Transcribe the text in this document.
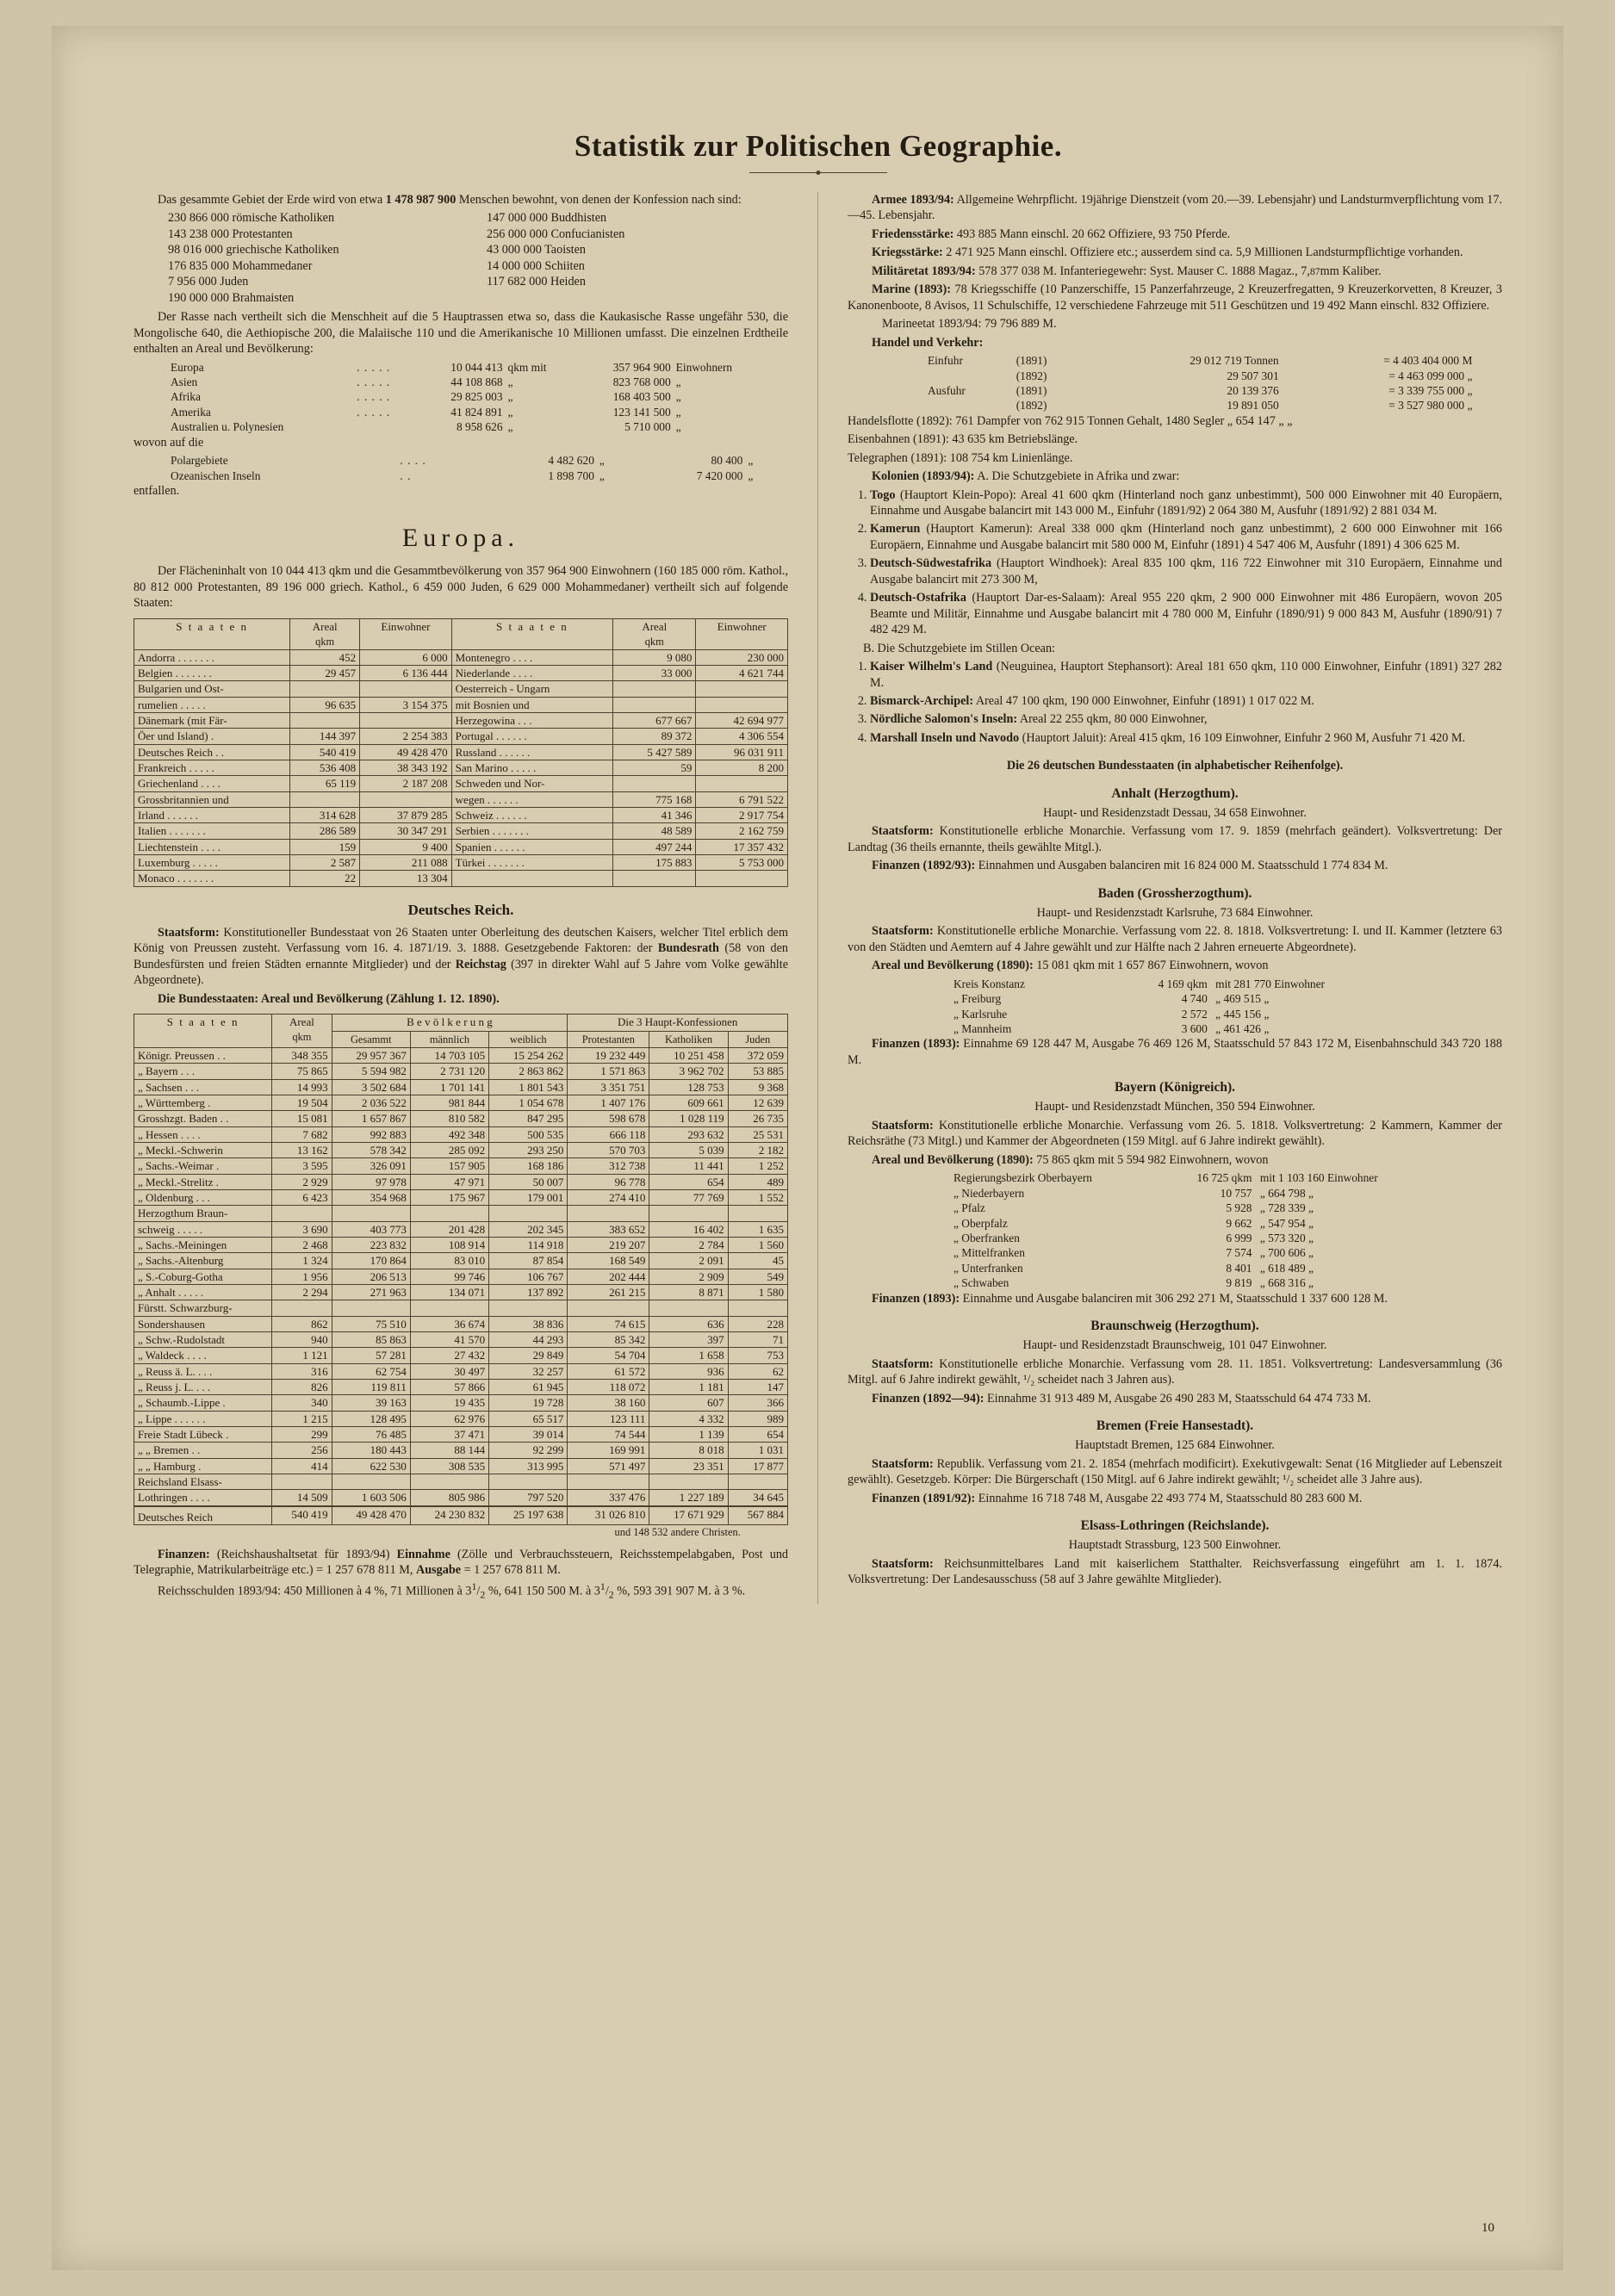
Statistik zur Politischen Geographie.

Das gesammte Gebiet der Erde wird von etwa 1 478 987 900 Menschen bewohnt, von denen der Konfession nach sind:

230 866 000 römische Katholiken
143 238 000 Protestanten
98 016 000 griechische Katholiken
176 835 000 Mohammedaner
7 956 000 Juden
190 000 000 Brahmaisten
147 000 000 Buddhisten
256 000 000 Confucianisten
43 000 000 Taoisten
14 000 000 Schiiten
117 682 000 Heiden

Der Rasse nach vertheilt sich die Menschheit auf die 5 Hauptrassen etwa so, dass die Kaukasische Rasse ungefähr 530, die Mongolische 640, die Aethiopische 200, die Malaiische 110 und die Amerikanische 10 Millionen umfasst. Die einzelnen Erdtheile enthalten an Areal und Bevölkerung:

Europa	. . . . .	10 044 413	qkm mit	357 964 900	Einwohnern
Asien	. . . . .	44 108 868	„	823 768 000	„
Afrika	. . . . .	29 825 003	„	168 403 500	„
Amerika	. . . . .	41 824 891	„	123 141 500	„
Australien u. Polynesien		8 958 626	„	5 710 000	„

wovon auf die

Polargebiete	. . . .	4 482 620	„	80 400	„
Ozeanischen Inseln	. .	1 898 700	„	7 420 000	„

entfallen.

Europa.

Der Flächeninhalt von 10 044 413 qkm und die Gesammtbevölkerung von 357 964 900 Einwohnern (160 185 000 röm. Kathol., 80 812 000 Protestanten, 89 196 000 griech. Kathol., 6 459 000 Juden, 6 629 000 Mohammedaner) vertheilt sich auf folgende Staaten:

S t a a t e n	Areal
qkm
	Einwohner	S t a a t e n	Areal
qkm
	Einwohner
Andorra . . . . . . .	452	6 000	Montenegro . . . .	9 080	230 000
Belgien . . . . . . .	29 457	6 136 444	Niederlande . . . .	33 000	4 621 744
Bulgarien und Ost-			Oesterreich - Ungarn		
rumelien . . . . .	96 635	3 154 375	mit Bosnien und		
Dänemark (mit Fär-			Herzegowina . . .	677 667	42 694 977
Öer und Island) .	144 397	2 254 383	Portugal . . . . . .	89 372	4 306 554
Deutsches Reich . .	540 419	49 428 470	Russland . . . . . .	5 427 589	96 031 911
Frankreich . . . . .	536 408	38 343 192	San Marino . . . . .	59	8 200
Griechenland . . . .	65 119	2 187 208	Schweden und Nor-		
Grossbritannien und			wegen . . . . . .	775 168	6 791 522
Irland . . . . . .	314 628	37 879 285	Schweiz . . . . . .	41 346	2 917 754
Italien . . . . . . .	286 589	30 347 291	Serbien . . . . . . .	48 589	2 162 759
Liechtenstein . . . .	159	9 400	Spanien . . . . . .	497 244	17 357 432
Luxemburg . . . . .	2 587	211 088	Türkei . . . . . . .	175 883	5 753 000
Monaco . . . . . . .	22	13 304			
Deutsches Reich.

Staatsform: Konstitutioneller Bundesstaat von 26 Staaten unter Oberleitung des deutschen Kaisers, welcher Titel erblich dem König von Preussen zusteht. Verfassung vom 16. 4. 1871/19. 3. 1888. Gesetzgebende Faktoren: der Bundesrath (58 von den Bundesfürsten und freien Städten ernannte Mitglieder) und der Reichstag (397 in direkter Wahl auf 5 Jahre vom Volke gewählte Abgeordnete).

Die Bundesstaaten: Areal und Bevölkerung (Zählung 1. 12. 1890).

S t a a t e n	Areal
qkm	B e v ö l k e r u n g			Die 3 Haupt-Konfessionen		
		Gesammt	männlich	weiblich	Protestanten	Katholiken	Juden
Königr. Preussen . .	348 355	29 957 367	14 703 105	15 254 262	19 232 449	10 251 458	372 059
„ Bayern . . .	75 865	5 594 982	2 731 120	2 863 862	1 571 863	3 962 702	53 885
„ Sachsen . . .	14 993	3 502 684	1 701 141	1 801 543	3 351 751	128 753	9 368
„ Württemberg .	19 504	2 036 522	981 844	1 054 678	1 407 176	609 661	12 639
Grosshzgt. Baden . .	15 081	1 657 867	810 582	847 295	598 678	1 028 119	26 735
„ Hessen . . . .	7 682	992 883	492 348	500 535	666 118	293 632	25 531
„ Meckl.-Schwerin	13 162	578 342	285 092	293 250	570 703	5 039	2 182
„ Sachs.-Weimar .	3 595	326 091	157 905	168 186	312 738	11 441	1 252
„ Meckl.-Strelitz .	2 929	97 978	47 971	50 007	96 778	654	489
„ Oldenburg . . .	6 423	354 968	175 967	179 001	274 410	77 769	1 552
Herzogthum Braun-							
schweig . . . . .	3 690	403 773	201 428	202 345	383 652	16 402	1 635
„ Sachs.-Meiningen	2 468	223 832	108 914	114 918	219 207	2 784	1 560
„ Sachs.-Altenburg	1 324	170 864	83 010	87 854	168 549	2 091	45
„ S.-Coburg-Gotha	1 956	206 513	99 746	106 767	202 444	2 909	549
„ Anhalt . . . . .	2 294	271 963	134 071	137 892	261 215	8 871	1 580
Fürstt. Schwarzburg-							
Sondershausen	862	75 510	36 674	38 836	74 615	636	228
„ Schw.-Rudolstadt	940	85 863	41 570	44 293	85 342	397	71
„ Waldeck . . . .	1 121	57 281	27 432	29 849	54 704	1 658	753
„ Reuss ä. L. . . .	316	62 754	30 497	32 257	61 572	936	62
„ Reuss j. L. . . .	826	119 811	57 866	61 945	118 072	1 181	147
„ Schaumb.-Lippe .	340	39 163	19 435	19 728	38 160	607	366
„ Lippe . . . . . .	1 215	128 495	62 976	65 517	123 111	4 332	989
Freie Stadt Lübeck .	299	76 485	37 471	39 014	74 544	1 139	654
„ „ Bremen . .	256	180 443	88 144	92 299	169 991	8 018	1 031
„ „ Hamburg .	414	622 530	308 535	313 995	571 497	23 351	17 877
Reichsland Elsass-							
Lothringen . . . .	14 509	1 603 506	805 986	797 520	337 476	1 227 189	34 645
Deutsches Reich	540 419	49 428 470	24 230 832	25 197 638	31 026 810	17 671 929	567 884
					und 148 532 andere Christen.		

Finanzen: (Reichshaushaltsetat für 1893/94) Einnahme (Zölle und Verbrauchssteuern, Reichsstempelabgaben, Post und Telegraphie, Matrikularbeiträge etc.) = 1 257 678 811 M, Ausgabe = 1 257 678 811 M.

Reichsschulden 1893/94: 450 Millionen à 4 %, 71 Millionen à $3^1/_2$ %, 641 150 500 M. à $3^1/_2$ %, 593 391 907 M. à 3 %.

Armee 1893/94: Allgemeine Wehrpflicht. 19jährige Dienstzeit (vom 20.—39. Lebensjahr) und Landsturmverpflichtung vom 17.—45. Lebensjahr.

Friedensstärke: 493 885 Mann einschl. 20 662 Offiziere, 93 750 Pferde.

Kriegsstärke: 2 471 925 Mann einschl. Offiziere etc.; ausserdem sind ca. 5,9 Millionen Landsturmpflichtige vorhanden.

Militäretat 1893/94: 578 377 038 M. Infanteriegewehr: Syst. Mauser C. 1888 Magaz., 7,87mm Kaliber.

Marine (1893): 78 Kriegsschiffe (10 Panzerschiffe, 15 Panzerfahrzeuge, 2 Kreuzerfregatten, 9 Kreuzerkorvetten, 8 Kreuzer, 3 Kanonenboote, 8 Avisos, 11 Schulschiffe, 12 verschiedene Fahrzeuge mit 511 Geschützen und 19 492 Mann einschl. 832 Offiziere.

Marineetat 1893/94: 79 796 889 M.

Handel und Verkehr:

Einfuhr	(1891)	29 012 719 Tonnen	= 4 403 404 000 M
	(1892)	29 507 301	= 4 463 099 000 „
Ausfuhr	(1891)	20 139 376	= 3 339 755 000 „
	(1892)	19 891 050	= 3 527 980 000 „

Handelsflotte (1892): 761 Dampfer von 762 915 Tonnen Gehalt, 1480 Segler „ 654 147 „ „

Eisenbahnen (1891): 43 635 km Betriebslänge.

Telegraphen (1891): 108 754 km Linienlänge.

Kolonien (1893/94): A. Die Schutzgebiete in Afrika und zwar:

1. Togo (Hauptort Klein-Popo): Areal 41 600 qkm (Hinterland noch ganz unbestimmt), 500 000 Einwohner mit 40 Europäern, Einnahme und Ausgabe balancirt mit 143 000 M., Einfuhr (1891/92) 2 064 380 M, Ausfuhr (1891/92) 2 881 034 M.
2. Kamerun (Hauptort Kamerun): Areal 338 000 qkm (Hinterland noch ganz unbestimmt), 2 600 000 Einwohner mit 166 Europäern, Einnahme und Ausgabe balancirt mit 580 000 M, Einfuhr (1891) 4 547 406 M, Ausfuhr (1891) 4 306 625 M.
3. Deutsch-Südwestafrika (Hauptort Windhoek): Areal 835 100 qkm, 116 722 Einwohner mit 310 Europäern, Einnahme und Ausgabe balancirt mit 273 300 M,
4. Deutsch-Ostafrika (Hauptort Dar-es-Salaam): Areal 955 220 qkm, 2 900 000 Einwohner mit 486 Europäern, wovon 205 Beamte und Militär, Einnahme und Ausgabe balancirt mit 4 780 000 M, Einfuhr (1890/91) 9 000 843 M, Ausfuhr (1890/91) 7 482 429 M.

B. Die Schutzgebiete im Stillen Ocean:

1. Kaiser Wilhelm's Land (Neuguinea, Hauptort Stephansort): Areal 181 650 qkm, 110 000 Einwohner, Einfuhr (1891) 327 282 M.
2. Bismarck-Archipel: Areal 47 100 qkm, 190 000 Einwohner, Einfuhr (1891) 1 017 022 M.
3. Nördliche Salomon's Inseln: Areal 22 255 qkm, 80 000 Einwohner,
4. Marshall Inseln und Navodo (Hauptort Jaluit): Areal 415 qkm, 16 109 Einwohner, Einfuhr 2 960 M, Ausfuhr 71 420 M.

Die 26 deutschen Bundesstaaten (in alphabetischer Reihenfolge).

Anhalt (Herzogthum).

Haupt- und Residenzstadt Dessau, 34 658 Einwohner.

Staatsform: Konstitutionelle erbliche Monarchie. Verfassung vom 17. 9. 1859 (mehrfach geändert). Volksvertretung: Der Landtag (36 theils ernannte, theils gewählte Mitgl.).

Finanzen (1892/93): Einnahmen und Ausgaben balanciren mit 16 824 000 M. Staatsschuld 1 774 834 M.

Baden (Grossherzogthum).

Haupt- und Residenzstadt Karlsruhe, 73 684 Einwohner.

Staatsform: Konstitutionelle erbliche Monarchie. Verfassung vom 22. 8. 1818. Volksvertretung: I. und II. Kammer (letztere 63 von den Städten und Aemtern auf 4 Jahre gewählt und zur Hälfte nach 2 Jahren erneuerte Abgeordnete).

Areal und Bevölkerung (1890): 15 081 qkm mit 1 657 867 Einwohnern, wovon

Kreis Konstanz	4 169 qkm	mit 281 770 Einwohner
„ Freiburg	4 740	„ 469 515 „
„ Karlsruhe	2 572	„ 445 156 „
„ Mannheim	3 600	„ 461 426 „

Finanzen (1893): Einnahme 69 128 447 M, Ausgabe 76 469 126 M, Staatsschuld 57 843 172 M, Eisenbahnschuld 343 720 188 M.

Bayern (Königreich).

Haupt- und Residenzstadt München, 350 594 Einwohner.

Staatsform: Konstitutionelle erbliche Monarchie. Verfassung vom 26. 5. 1818. Volksvertretung: 2 Kammern, Kammer der Reichsräthe (73 Mitgl.) und Kammer der Abgeordneten (159 Mitgl. auf 6 Jahre indirekt gewählt).

Areal und Bevölkerung (1890): 75 865 qkm mit 5 594 982 Einwohnern, wovon

Regierungsbezirk Oberbayern	16 725 qkm	mit 1 103 160 Einwohner
„ Niederbayern	10 757	„ 664 798 „
„ Pfalz	5 928	„ 728 339 „
„ Oberpfalz	9 662	„ 547 954 „
„ Oberfranken	6 999	„ 573 320 „
„ Mittelfranken	7 574	„ 700 606 „
„ Unterfranken	8 401	„ 618 489 „
„ Schwaben	9 819	„ 668 316 „

Finanzen (1893): Einnahme und Ausgabe balanciren mit 306 292 271 M, Staatsschuld 1 337 600 128 M.

Braunschweig (Herzogthum).

Haupt- und Residenzstadt Braunschweig, 101 047 Einwohner.

Staatsform: Konstitutionelle erbliche Monarchie. Verfassung vom 28. 11. 1851. Volksvertretung: Landesversammlung (36 Mitgl. auf 6 Jahre indirekt gewählt, ¹/₂ scheidet nach 3 Jahren aus).

Finanzen (1892—94): Einnahme 31 913 489 M, Ausgabe 26 490 283 M, Staatsschuld 64 474 733 M.

Bremen (Freie Hansestadt).

Hauptstadt Bremen, 125 684 Einwohner.

Staatsform: Republik. Verfassung vom 21. 2. 1854 (mehrfach modificirt). Exekutivgewalt: Senat (16 Mitglieder auf Lebenszeit gewählt). Gesetzgeb. Körper: Die Bürgerschaft (150 Mitgl. auf 6 Jahre indirekt gewählt; ¹/₂ scheidet alle 3 Jahre aus).

Finanzen (1891/92): Einnahme 16 718 748 M, Ausgabe 22 493 774 M, Staatsschuld 80 283 600 M.

Elsass-Lothringen (Reichslande).

Hauptstadt Strassburg, 123 500 Einwohner.

Staatsform: Reichsunmittelbares Land mit kaiserlichem Statthalter. Reichsverfassung eingeführt am 1. 1. 1874. Volksvertretung: Der Landesausschuss (58 auf 3 Jahre gewählte Mitglieder).

10
